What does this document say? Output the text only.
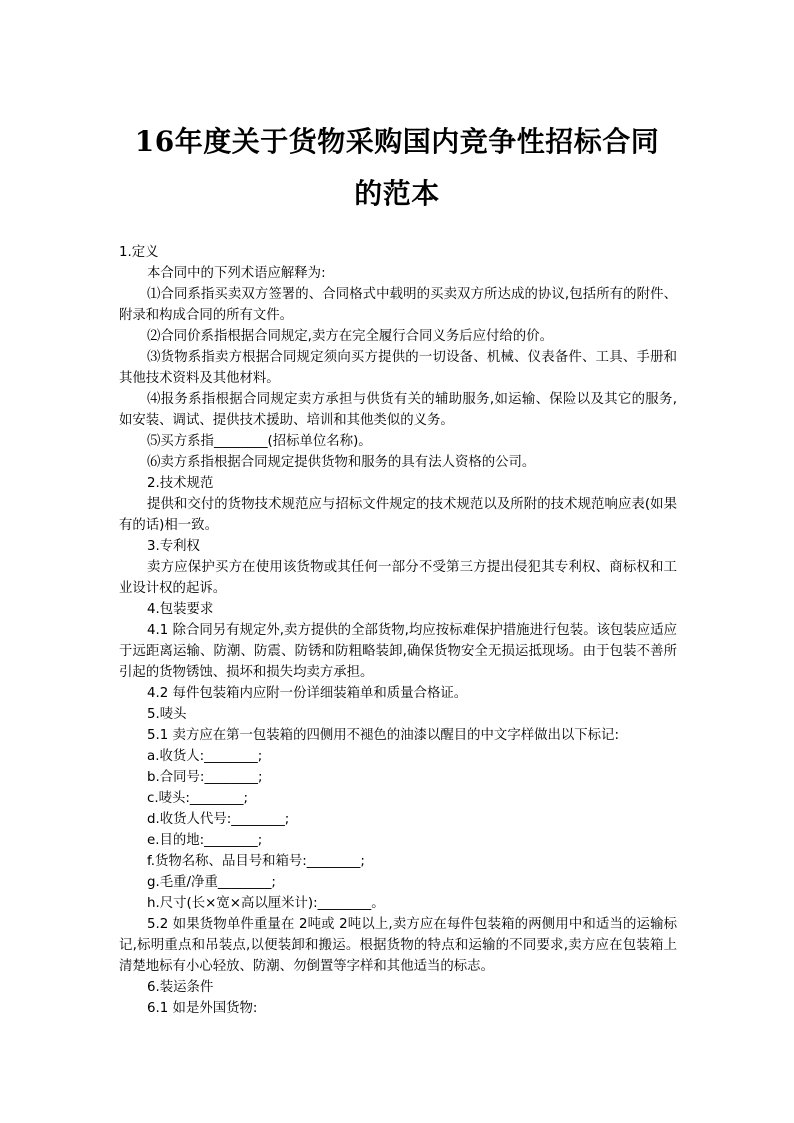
16年度关于货物采购国内竞争性招标合同
的范本

1.定义

本合同中的下列术语应解释为:

⑴合同系指买卖双方签署的、合同格式中载明的买卖双方所达成的协议,包括所有的附件、附录和构成合同的所有文件。

⑵合同价系指根据合同规定,卖方在完全履行合同义务后应付给的价。

⑶货物系指卖方根据合同规定须向买方提供的一切设备、机械、仪表备件、工具、手册和其他技术资料及其他材料。

⑷报务系指根据合同规定卖方承担与供货有关的辅助服务,如运输、保险以及其它的服务,如安装、调试、提供技术援助、培训和其他类似的义务。

⑸买方系指________(招标单位名称)。

⑹卖方系指根据合同规定提供货物和服务的具有法人资格的公司。

2.技术规范

提供和交付的货物技术规范应与招标文件规定的技术规范以及所附的技术规范响应表(如果有的话)相一致。

3.专利权

卖方应保护买方在使用该货物或其任何一部分不受第三方提出侵犯其专利权、商标权和工业设计权的起诉。

4.包装要求

4.1 除合同另有规定外,卖方提供的全部货物,均应按标难保护措施进行包装。该包装应适应于远距离运输、防潮、防震、防锈和防粗略装卸,确保货物安全无损运抵现场。由于包装不善所引起的货物锈蚀、损坏和损失均卖方承担。

4.2 每件包装箱内应附一份详细装箱单和质量合格证。

5.唛头

5.1 卖方应在第一包装箱的四侧用不褪色的油漆以醒目的中文字样做出以下标记:

a.收货人:________;

b.合同号:________;

c.唛头:________;

d.收货人代号:________;

e.目的地:________;

f.货物名称、品目号和箱号:________;

g.毛重/净重________;

h.尺寸(长×宽×高以厘米计):________。

5.2 如果货物单件重量在 2吨或 2吨以上,卖方应在每件包装箱的两侧用中和适当的运输标记,标明重点和吊装点,以便装卸和搬运。根据货物的特点和运输的不同要求,卖方应在包装箱上清楚地标有小心轻放、防潮、勿倒置等字样和其他适当的标志。

6.装运条件

6.1 如是外国货物:
